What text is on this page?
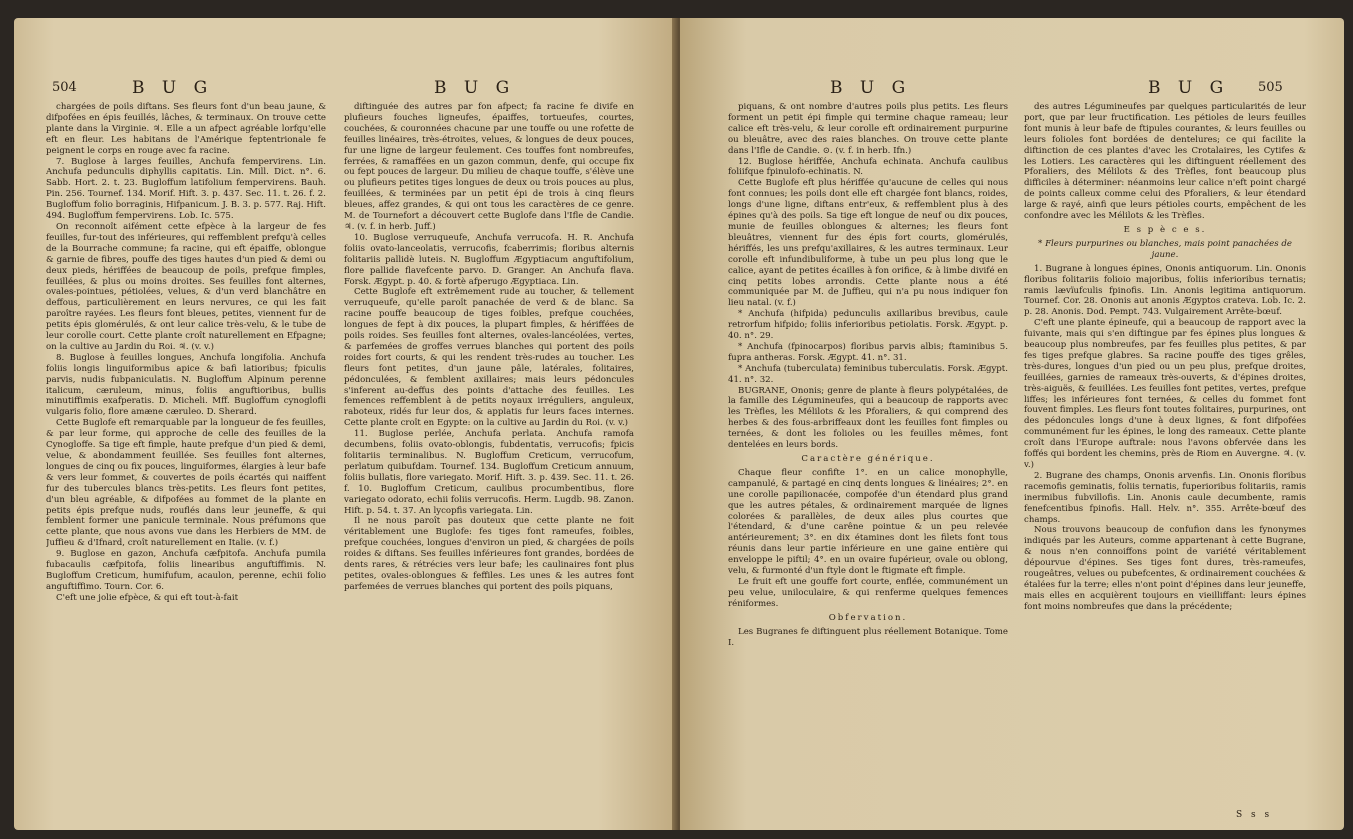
504	B U G	B U G

chargées de poils diftans. Ses fleurs font d'un beau jaune, & difpofées en épis feuillés, lâches, & terminaux. On trouve cette plante dans la Virginie. ♃. Elle a un afpect agréable lorfqu'elle eft en fleur. Les habitans de l'Amérique feptentrionale fe peignent le corps en rouge avec fa racine.

7. Buglose à larges feuilles, Anchufa fempervirens. Lin. Anchufa pedunculis diphyllis capitatis. Lin. Mill. Dict. n°. 6. Sabb. Hort. 2. t. 23. Bugloffum latifolium fempervirens. Bauh. Pin. 256. Tournef. 134. Morif. Hift. 3. p. 437. Sec. 11. t. 26. f. 2. Bugloffum folio borraginis, Hifpanicum. J. B. 3. p. 577. Raj. Hift. 494. Bugloffum fempervirens. Lob. Ic. 575.

On reconnoît aifément cette efpèce à la largeur de fes feuilles, fur-tout des inférieures, qui reffemblent prefqu'à celles de la Bourrache commune; fa racine, qui eft épaiffe, oblongue & garnie de fibres, pouffe des tiges hautes d'un pied & demi ou deux pieds, hériffées de beaucoup de poils, prefque fimples, feuillées, & plus ou moins droites. Ses feuilles font alternes, ovales-pointues, pétiolées, velues, & d'un verd blanchâtre en deffous, particulièrement en leurs nervures, ce qui les fait paroître rayées. Les fleurs font bleues, petites, viennent fur de petits épis glomérulés, & ont leur calice très-velu, & le tube de leur corolle court. Cette plante croît naturellement en Efpagne; on la cultive au Jardin du Roi. ♃. (v. v.)

8. Buglose à feuilles longues, Anchufa longifolia. Anchufa foliis longis linguiformibus apice & bafi latioribus; fpiculis parvis, nudis fubpaniculatis. N. Bugloffum Alpinum perenne italicum, cæruleum, minus, foliis anguftioribus, bullis minutiffimis exafperatis. D. Micheli. Mff. Bugloffum cynoglofli vulgaris folio, flore amæne cæruleo. D. Sherard.

Cette Buglofe eft remarquable par la longueur de fes feuilles, & par leur forme, qui approche de celle des feuilles de la Cynogloffe. Sa tige eft fimple, haute prefque d'un pied & demi, velue, & abondamment feuillée. Ses feuilles font alternes, longues de cinq ou fix pouces, linguiformes, élargies à leur bafe & vers leur fommet, & couvertes de poils écartés qui naiffent fur des tubercules blancs très-petits. Les fleurs font petites, d'un bleu agréable, & difpofées au fommet de la plante en petits épis prefque nuds, rouflés dans leur jeuneffe, & qui femblent former une panicule terminale. Nous préfumons que cette plante, que nous avons vue dans les Herbiers de MM. de Juffieu & d'Ifnard, croît naturellement en Italie. (v. f.)

9. Buglose en gazon, Anchufa cæfpitofa. Anchufa pumila fubacaulis cæfpitofa, foliis linearibus anguftiffimis. N. Bugloffum Creticum, humifufum, acaulon, perenne, echii folio anguftiffimo. Tourn. Cor. 6.

C'eft une jolie efpèce, & qui eft tout-à-fait

diftinguée des autres par fon afpect; fa racine fe divife en plufieurs fouches ligneufes, épaiffes, tortueufes, courtes, couchées, & couronnées chacune par une touffe ou une rofette de feuilles linéaires, très-étroites, velues, & longues de deux pouces, fur une ligne de largeur feulement. Ces touffes font nombreufes, ferrées, & ramaffées en un gazon commun, denfe, qui occupe fix ou fept pouces de largeur. Du milieu de chaque touffe, s'élève une ou plufieurs petites tiges longues de deux ou trois pouces au plus, feuillées, & terminées par un petit épi de trois à cinq fleurs bleues, affez grandes, & qui ont tous les caractères de ce genre. M. de Tournefort a découvert cette Buglofe dans l'Ifle de Candie. ♃. (v. f. in herb. Juff.)

10. Buglose verruqueufe, Anchufa verrucofa. H. R. Anchufa foliis ovato-lanceolatis, verrucofis, fcaberrimis; floribus alternis folitariis pallidè luteis. N. Bugloffum Ægyptiacum anguftifolium, flore pallide flavefcente parvo. D. Granger. An Anchufa flava. Forsk. Ægypt. p. 40. & fortè afperugo Ægyptiaca. Lin.

Cette Buglofe eft extrêmement rude au toucher, & tellement verruqueufe, qu'elle paroît panachée de verd & de blanc. Sa racine pouffe beaucoup de tiges foibles, prefque couchées, longues de fept à dix pouces, la plupart fimples, & hériffées de poils roides. Ses feuilles font alternes, ovales-lancéolées, vertes, & parfemées de groffes verrues blanches qui portent des poils roides fort courts, & qui les rendent très-rudes au toucher. Les fleurs font petites, d'un jaune pâle, latérales, folitaires, pédonculées, & femblent axillaires; mais leurs pédoncules s'inferent au-deffus des points d'attache des feuilles. Les femences reffemblent à de petits noyaux irréguliers, anguleux, raboteux, ridés fur leur dos, & applatis fur leurs faces internes. Cette plante croît en Egypte: on la cultive au Jardin du Roi. (v. v.)

11. Buglose perlée, Anchufa perlata. Anchufa ramofa decumbens, foliis ovato-oblongis, fubdentatis, verrucofis; fpicis folitariis terminalibus. N. Bugloffum Creticum, verrucofum, perlatum quibufdam. Tournef. 134. Bugloffum Creticum annuum, foliis bullatis, flore variegato. Morif. Hift. 3. p. 439. Sec. 11. t. 26. f. 10. Bugloffum Creticum, caulibus procumbentibus, flore variegato odorato, echii foliis verrucofis. Herm. Lugdb. 98. Zanon. Hift. p. 54. t. 37. An lycopfis variegata. Lin.

Il ne nous paroît pas douteux que cette plante ne foit véritablement une Buglofe: fes tiges font rameufes, foibles, prefque couchées, longues d'environ un pied, & chargées de poils roides & diftans. Ses feuilles inférieures font grandes, bordées de dents rares, & rétrécies vers leur bafe; les caulinaires font plus petites, ovales-oblongues & feffiles. Les unes & les autres font parfemées de verrues blanches qui portent des poils piquans,

B U G	B U G 505

piquans, & ont nombre d'autres poils plus petits. Les fleurs forment un petit épi fimple qui termine chaque rameau; leur calice eft très-velu, & leur corolle eft ordinairement purpurine ou bleuâtre, avec des raies blanches. On trouve cette plante dans l'Ifle de Candie. ⊙. (v. f. in herb. Ifn.)

12. Buglose hériffée, Anchufa echinata. Anchufa caulibus foliifque fpinulofo-echinatis. N.

Cette Buglofe eft plus hériffée qu'aucune de celles qui nous font connues; les poils dont elle eft chargée font blancs, roides, longs d'une ligne, diftans entr'eux, & reffemblent plus à des épines qu'à des poils. Sa tige eft longue de neuf ou dix pouces, munie de feuilles oblongues & alternes; les fleurs font bleuâtres, viennent fur des épis fort courts, glomérulés, hériffés, les uns prefqu'axillaires, & les autres terminaux. Leur corolle eft infundibuliforme, à tube un peu plus long que le calice, ayant de petites écailles à fon orifice, & à limbe divifé en cinq petits lobes arrondis. Cette plante nous a été communiquée par M. de Juffieu, qui n'a pu nous indiquer fon lieu natal. (v. f.)

* Anchufa (hifpida) pedunculis axillaribus brevibus, caule retrorfum hifpido; foliis inferioribus petiolatis. Forsk. Ægypt. p. 40. n°. 29.

* Anchufa (fpinocarpos) floribus parvis albis; ftaminibus 5. fupra antheras. Forsk. Ægypt. 41. n°. 31.

* Anchufa (tuberculata) feminibus tuberculatis. Forsk. Ægypt. 41. n°. 32.

BUGRANE, Ononis; genre de plante à fleurs polypétalées, de la famille des Légumineufes, qui a beaucoup de rapports avec les Trèfles, les Mélilots & les Pforaliers, & qui comprend des herbes & des fous-arbriffeaux dont les feuilles font fimples ou ternées, & dont les folioles ou les feuilles mêmes, font dentelées en leurs bords.

Caractère générique.

Chaque fleur confifte 1°. en un calice monophylle, campanulé, & partagé en cinq dents longues & linéaires; 2°. en une corolle papilionacée, compofée d'un étendard plus grand que les autres pétales, & ordinairement marquée de lignes colorées & parallèles, de deux ailes plus courtes que l'étendard, & d'une carêne pointue & un peu relevée antérieurement; 3°. en dix étamines dont les filets font tous réunis dans leur partie inférieure en une gaine entière qui enveloppe le piftil; 4°. en un ovaire fupérieur, ovale ou oblong, velu, & furmonté d'un ftyle dont le ftigmate eft fimple.

Le fruit eft une gouffe fort courte, enflée, communément un peu velue, uniloculaire, & qui renferme quelques femences réniformes.

Obfervation.

Les Bugranes fe diftinguent plus réellement Botanique. Tome I.

des autres Légumineufes par quelques particularités de leur port, que par leur fructification. Les pétioles de leurs feuilles font munis à leur bafe de ftipules courantes, & leurs feuilles ou leurs folioles font bordées de dentelures; ce qui facilite la diftinction de ces plantes d'avec les Crotalaires, les Cytifes & les Lotiers. Les caractères qui les diftinguent réellement des Pforaliers, des Mélilots & des Trèfles, font beaucoup plus difficiles à déterminer: néanmoins leur calice n'eft point chargé de points calleux comme celui des Pforaliers, & leur étendard large & rayé, ainfi que leurs pétioles courts, empêchent de les confondre avec les Mélilots & les Trèfles.

E s p è c e s.

* Fleurs purpurines ou blanches, mais point panachées de jaune.

1. Bugrane à longues épines, Ononis antiquorum. Lin. Ononis floribus folitariis folioio majoribus, foliis inferioribus ternatis; ramis lævïufculis fpinofis. Lin. Anonis legitima antiquorum. Tournef. Cor. 28. Ononis aut anonis Ægyptos crateva. Lob. Ic. 2. p. 28. Anonis. Dod. Pempt. 743. Vulgairement Arrête-bœuf.

C'eft une plante épineufe, qui a beaucoup de rapport avec la fuivante, mais qui s'en diftingue par fes épines plus longues & beaucoup plus nombreufes, par fes feuilles plus petites, & par fes tiges prefque glabres. Sa racine pouffe des tiges grêles, très-dures, longues d'un pied ou un peu plus, prefque droites, feuillées, garnies de rameaux très-ouverts, & d'épines droites, très-aiguës, & feuillées. Les feuilles font petites, vertes, prefque liffes; les inférieures font ternées, & celles du fommet font fouvent fimples. Les fleurs font toutes folitaires, purpurines, ont des pédoncules longs d'une à deux lignes, & font difpofées communément fur les épines, le long des rameaux. Cette plante croît dans l'Europe auftrale: nous l'avons obfervée dans les foffés qui bordent les chemins, près de Riom en Auvergne. ♃. (v. v.)

2. Bugrane des champs, Ononis arvenfis. Lin. Ononis floribus racemofis geminatis, foliis ternatis, fuperioribus folitariis, ramis inermibus fubvillofis. Lin. Anonis caule decumbente, ramis fenefcentibus fpinofis. Hall. Helv. n°. 355. Arrête-bœuf des champs.

Nous trouvons beaucoup de confufion dans les fynonymes indiqués par les Auteurs, comme appartenant à cette Bugrane, & nous n'en connoiffons point de variété véritablement dépourvue d'épines. Ses tiges font dures, très-rameufes, rougeâtres, velues ou pubefcentes, & ordinairement couchées & étalées fur la terre; elles n'ont point d'épines dans leur jeuneffe, mais elles en acquièrent toujours en vieilliffant: leurs épines font moins nombreufes que dans la précédente;

S s s
